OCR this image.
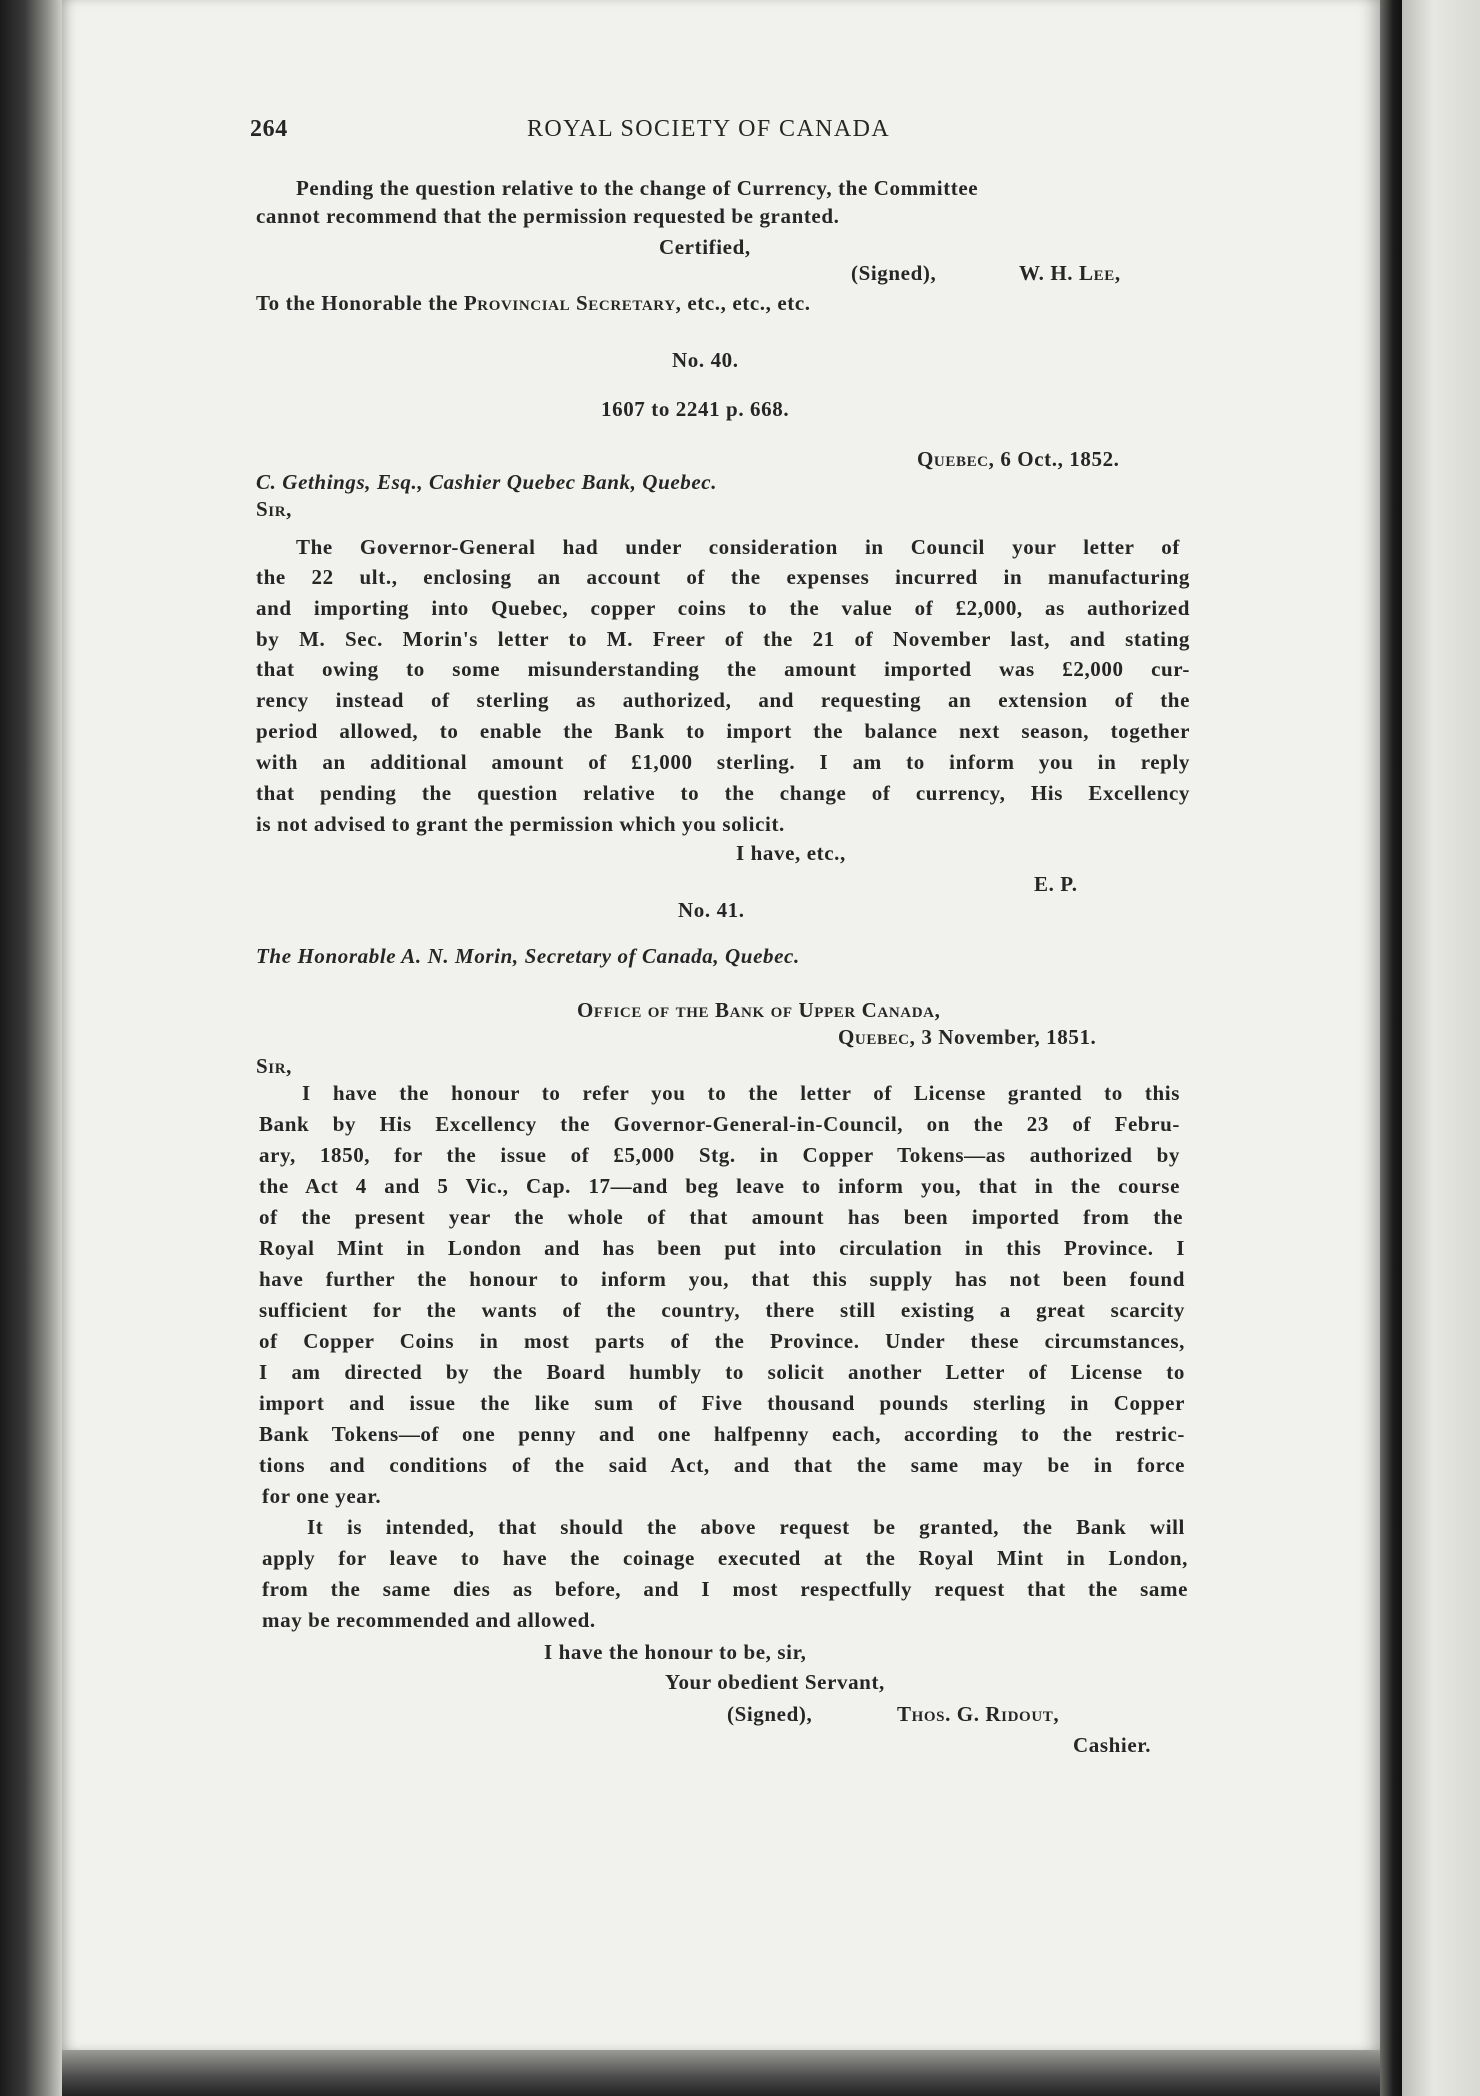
264	ROYAL SOCIETY OF CANADA
Pending the question relative to the change of Currency, the Committee
cannot recommend that the permission requested be granted.
Certified,
(Signed),	W. H. Lee,
To the Honorable the Provincial Secretary, etc., etc., etc.
No. 40.
1607 to 2241 p. 668.
Quebec, 6 Oct., 1852.
C. Gethings, Esq., Cashier Quebec Bank, Quebec.
Sir,
The Governor-General had under consideration in Council your letter of
the 22 ult., enclosing an account of the expenses incurred in manufacturing
and importing into Quebec, copper coins to the value of £2,000, as authorized
by M. Sec. Morin's letter to M. Freer of the 21 of November last, and stating
that owing to some misunderstanding the amount imported was £2,000 cur-
rency instead of sterling as authorized, and requesting an extension of the
period allowed, to enable the Bank to import the balance next season, together
with an additional amount of £1,000 sterling. I am to inform you in reply
that pending the question relative to the change of currency, His Excellency
is not advised to grant the permission which you solicit.
I have, etc.,
E. P.
No. 41.
The Honorable A. N. Morin, Secretary of Canada, Quebec.
Office of the Bank of Upper Canada,
Quebec, 3 November, 1851.
Sir,
I have the honour to refer you to the letter of License granted to this
Bank by His Excellency the Governor-General-in-Council, on the 23 of Febru-
ary, 1850, for the issue of £5,000 Stg. in Copper Tokens—as authorized by
the Act 4 and 5 Vic., Cap. 17—and beg leave to inform you, that in the course
of the present year the whole of that amount has been imported from the
Royal Mint in London and has been put into circulation in this Province. I
have further the honour to inform you, that this supply has not been found
sufficient for the wants of the country, there still existing a great scarcity
of Copper Coins in most parts of the Province. Under these circumstances,
I am directed by the Board humbly to solicit another Letter of License to
import and issue the like sum of Five thousand pounds sterling in Copper
Bank Tokens—of one penny and one halfpenny each, according to the restric-
tions and conditions of the said Act, and that the same may be in force
for one year.
It is intended, that should the above request be granted, the Bank will
apply for leave to have the coinage executed at the Royal Mint in London,
from the same dies as before, and I most respectfully request that the same
may be recommended and allowed.
I have the honour to be, sir,
Your obedient Servant,
(Signed),	Thos. G. Ridout,
Cashier.
